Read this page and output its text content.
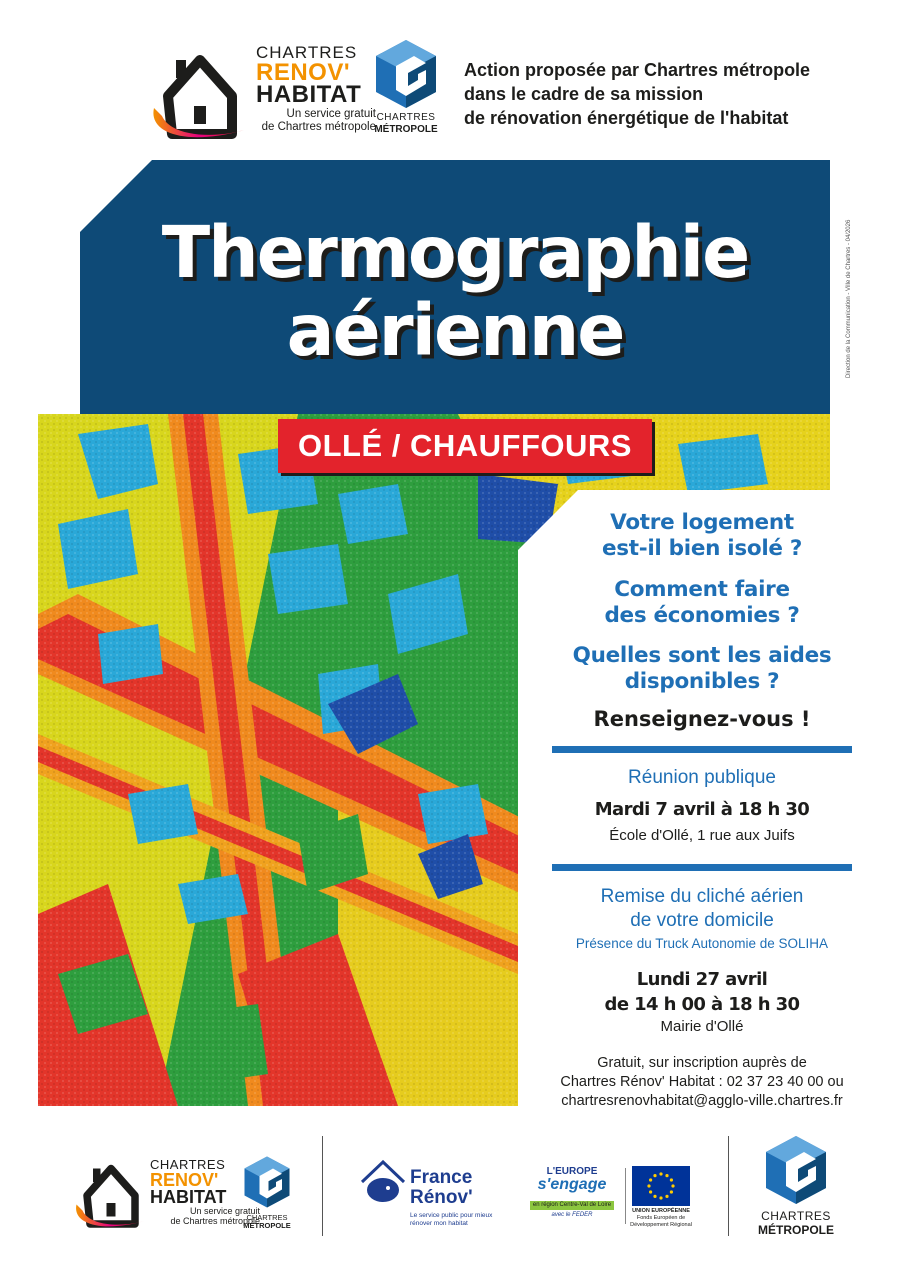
CHARTRES
RENOV'
HABITAT
Un service gratuit
de Chartres métropole
CHARTRES
MÉTROPOLE
Action proposée par Chartres métropole
dans le cadre de sa mission
de rénovation énergétique de l'habitat
Thermographie
aérienne	Direction de la Communication - Ville de Chartres - 04/2026
OLLÉ / CHAUFFOURS
Votre logement
est-il bien isolé ?
Comment faire
des économies ?
Quelles sont les aides
disponibles ?
Renseignez-vous !
Réunion publique
Mardi 7 avril à 18 h 30
École d'Ollé, 1 rue aux Juifs
Remise du cliché aérien
de votre domicile
Présence du Truck Autonomie de SOLIHA
Lundi 27 avril
de 14 h 00 à 18 h 30
Mairie d'Ollé
Gratuit, sur inscription auprès de
Chartres Rénov' Habitat : 02 37 23 40 00 ou
chartresrenovhabitat@agglo-ville.chartres.fr
CHARTRES
RENOV'
HABITAT
Un service gratuit
de Chartres métropole
CHARTRES
MÉTROPOLE
France
Rénov'
Le service public pour mieux rénover mon habitat
L'EUROPE
s'engage
en région Centre-Val de Loire
avec le FEDER
UNION EUROPÉENNE
Fonds Européen de Développement Régional
CHARTRES
MÉTROPOLE
